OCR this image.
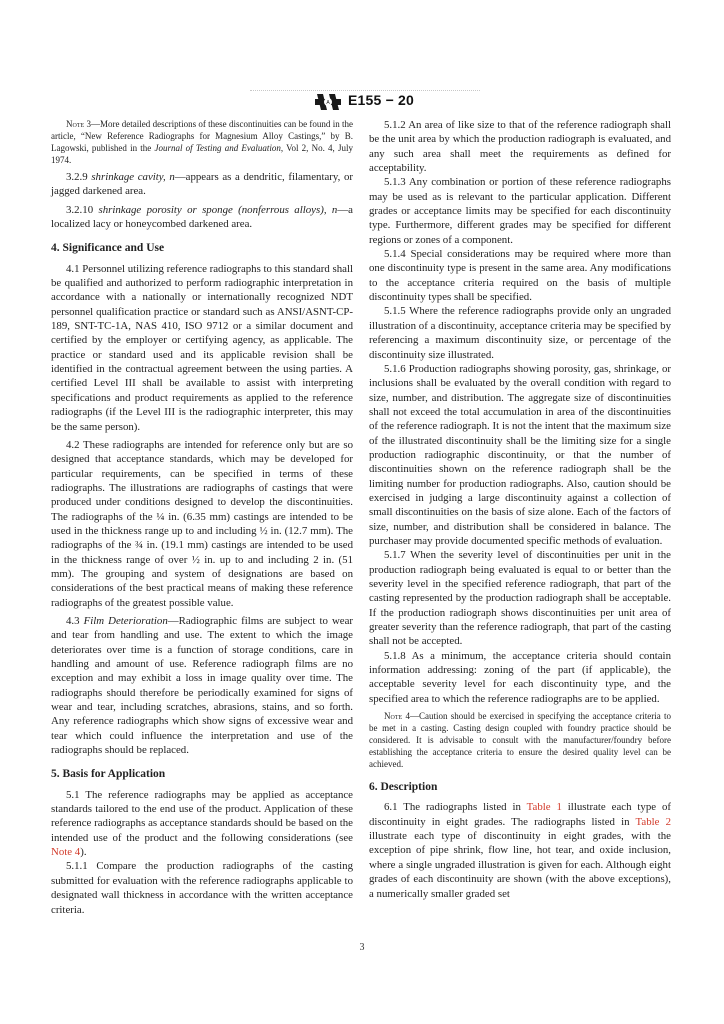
A E155 − 20

Note 3—More detailed descriptions of these discontinuities can be found in the article, “New Reference Radiographs for Magnesium Alloy Castings,” by B. Lagowski, published in the Journal of Testing and Evaluation, Vol 2, No. 4, July 1974.

3.2.9 shrinkage cavity, n—appears as a dendritic, filamentary, or jagged darkened area.

3.2.10 shrinkage porosity or sponge (nonferrous alloys), n—a localized lacy or honeycombed darkened area.

4. Significance and Use

4.1 Personnel utilizing reference radiographs to this standard shall be qualified and authorized to perform radiographic interpretation in accordance with a nationally or internationally recognized NDT personnel qualification practice or standard such as ANSI/ASNT-CP-189, SNT-TC-1A, NAS 410, ISO 9712 or a similar document and certified by the employer or certifying agency, as applicable. The practice or standard used and its applicable revision shall be identified in the contractual agreement between the using parties. A certified Level III shall be available to assist with interpreting specifications and product requirements as applied to the reference radiographs (if the Level III is the radiographic interpreter, this may be the same person).

4.2 These radiographs are intended for reference only but are so designed that acceptance standards, which may be developed for particular requirements, can be specified in terms of these radiographs. The illustrations are radiographs of castings that were produced under conditions designed to develop the discontinuities. The radiographs of the ¼ in. (6.35 mm) castings are intended to be used in the thickness range up to and including ½ in. (12.7 mm). The radiographs of the ¾ in. (19.1 mm) castings are intended to be used in the thickness range of over ½ in. up to and including 2 in. (51 mm). The grouping and system of designations are based on considerations of the best practical means of making these reference radiographs of the greatest possible value.

4.3 Film Deterioration—Radiographic films are subject to wear and tear from handling and use. The extent to which the image deteriorates over time is a function of storage conditions, care in handling and amount of use. Reference radiograph films are no exception and may exhibit a loss in image quality over time. The radiographs should therefore be periodically examined for signs of wear and tear, including scratches, abrasions, stains, and so forth. Any reference radiographs which show signs of excessive wear and tear which could influence the interpretation and use of the radiographs should be replaced.

5. Basis for Application

5.1 The reference radiographs may be applied as acceptance standards tailored to the end use of the product. Application of these reference radiographs as acceptance standards should be based on the intended use of the product and the following considerations (see Note 4).

5.1.1 Compare the production radiographs of the casting submitted for evaluation with the reference radiographs applicable to designated wall thickness in accordance with the written acceptance criteria.

5.1.2 An area of like size to that of the reference radiograph shall be the unit area by which the production radiograph is evaluated, and any such area shall meet the requirements as defined for acceptability.

5.1.3 Any combination or portion of these reference radiographs may be used as is relevant to the particular application. Different grades or acceptance limits may be specified for each discontinuity type. Furthermore, different grades may be specified for different regions or zones of a component.

5.1.4 Special considerations may be required where more than one discontinuity type is present in the same area. Any modifications to the acceptance criteria required on the basis of multiple discontinuity types shall be specified.

5.1.5 Where the reference radiographs provide only an ungraded illustration of a discontinuity, acceptance criteria may be specified by referencing a maximum discontinuity size, or percentage of the discontinuity size illustrated.

5.1.6 Production radiographs showing porosity, gas, shrinkage, or inclusions shall be evaluated by the overall condition with regard to size, number, and distribution. The aggregate size of discontinuities shall not exceed the total accumulation in area of the discontinuities of the reference radiograph. It is not the intent that the maximum size of the illustrated discontinuity shall be the limiting size for a single production radiographic discontinuity, or that the number of discontinuities shown on the reference radiograph shall be the limiting number for production radiographs. Also, caution should be exercised in judging a large discontinuity against a collection of small discontinuities on the basis of size alone. Each of the factors of size, number, and distribution shall be considered in balance. The purchaser may provide documented specific methods of evaluation.

5.1.7 When the severity level of discontinuities per unit in the production radiograph being evaluated is equal to or better than the severity level in the specified reference radiograph, that part of the casting represented by the production radiograph shall be acceptable. If the production radiograph shows discontinuities per unit area of greater severity than the reference radiograph, that part of the casting shall not be accepted.

5.1.8 As a minimum, the acceptance criteria should contain information addressing: zoning of the part (if applicable), the acceptable severity level for each discontinuity type, and the specified area to which the reference radiographs are to be applied.

Note 4—Caution should be exercised in specifying the acceptance criteria to be met in a casting. Casting design coupled with foundry practice should be considered. It is advisable to consult with the manufacturer/foundry before establishing the acceptance criteria to ensure the desired quality level can be achieved.

6. Description

6.1 The radiographs listed in Table 1 illustrate each type of discontinuity in eight grades. The radiographs listed in Table 2 illustrate each type of discontinuity in eight grades, with the exception of pipe shrink, flow line, hot tear, and oxide inclusion, where a single ungraded illustration is given for each. Although eight grades of each discontinuity are shown (with the above exceptions), a numerically smaller graded set

3
